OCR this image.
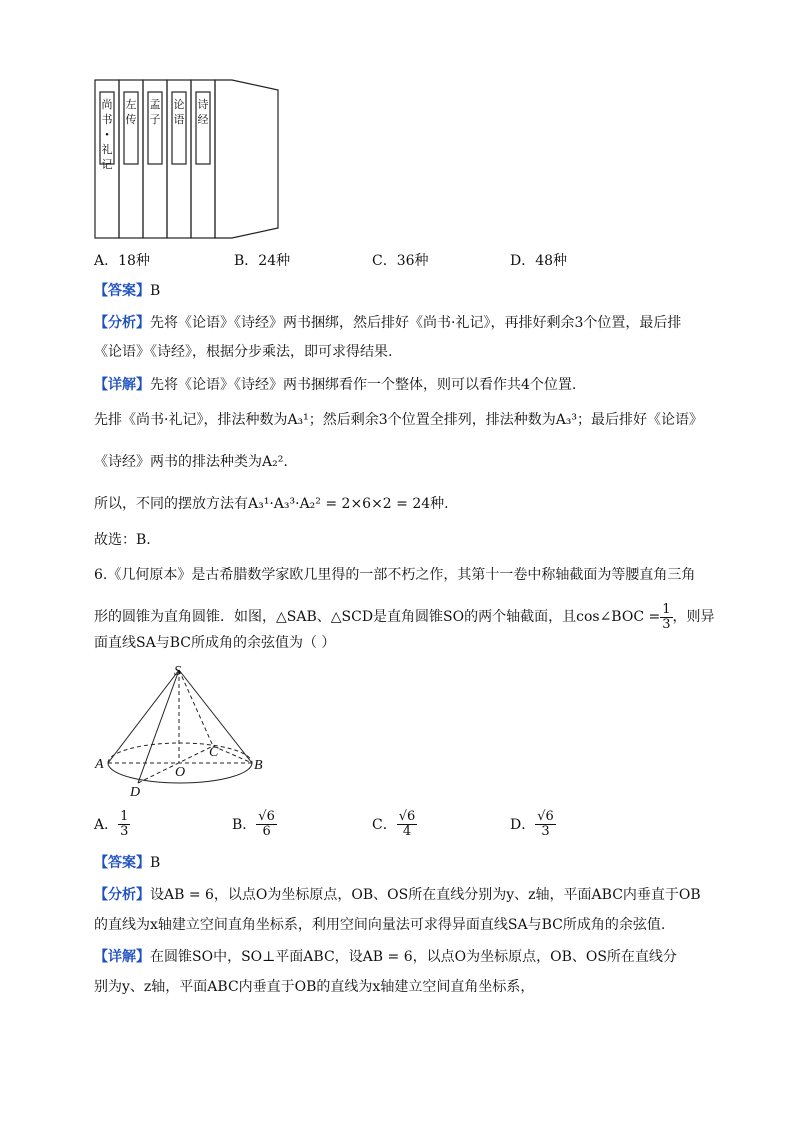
尚书•礼记
左传
孟子
论语
诗经
A．18种	B．24种	C．36种	D．48种
【答案】B
【分析】先将《论语》《诗经》两书捆绑，然后排好《尚书·礼记》，再排好剩余3个位置，最后排
《论语》《诗经》，根据分步乘法，即可求得结果.
【详解】先将《论语》《诗经》两书捆绑看作一个整体，则可以看作共4个位置.
先排《尚书·礼记》，排法种数为A₃¹；然后剩余3个位置全排列，排法种数为A₃³；最后排好《论语》
《诗经》两书的排法种类为A₂².
所以，不同的摆放方法有A₃¹·A₃³·A₂² = 2×6×2 = 24种.
故选：B.
6.《几何原本》是古希腊数学家欧几里得的一部不朽之作，其第十一卷中称轴截面为等腰直角三角
形的圆锥为直角圆锥．如图，△SAB、△SCD是直角圆锥SO的两个轴截面，且cos∠BOC = $\frac{1}{3}$ ，则异
面直线SA与BC所成角的余弦值为（ ）
S
A	B
C
O
D
A． $\frac{1}{3}$	B． $\frac{√6}{6}$	C． $\frac{√6}{4}$	D． $\frac{√6}{3}$
【答案】B
【分析】设AB = 6，以点O为坐标原点，OB、OS所在直线分别为y、z轴，平面ABC内垂直于OB
的直线为x轴建立空间直角坐标系，利用空间向量法可求得异面直线SA与BC所成角的余弦值.
【详解】在圆锥SO中，SO⊥平面ABC，设AB = 6，以点O为坐标原点，OB、OS所在直线分
别为y、z轴，平面ABC内垂直于OB的直线为x轴建立空间直角坐标系，
